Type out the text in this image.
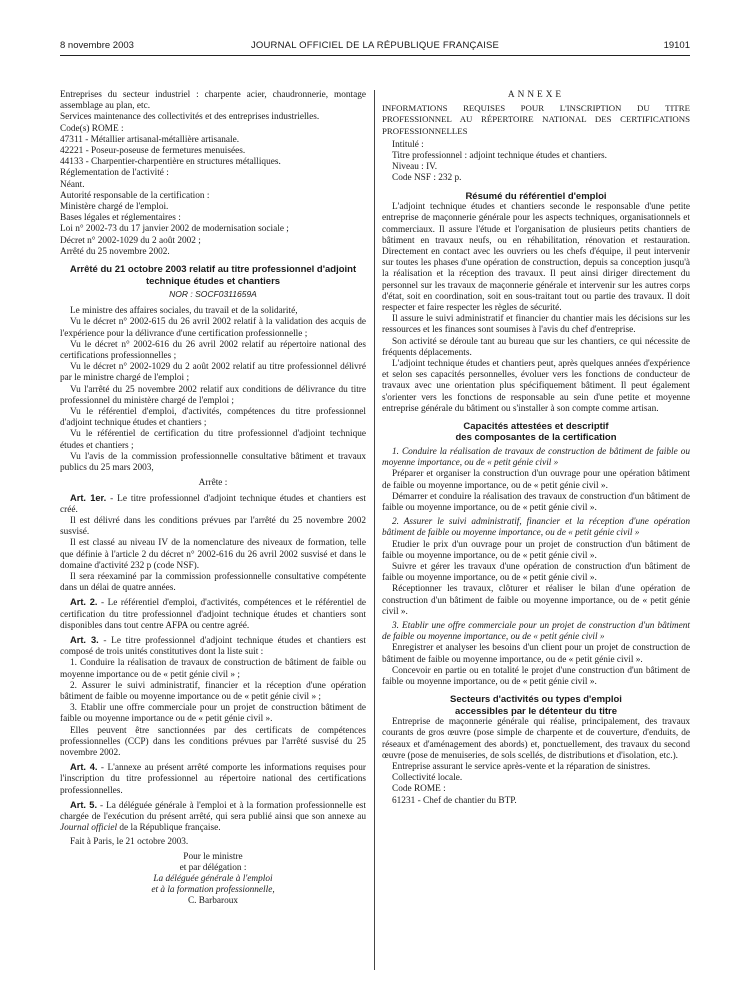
8 novembre 2003	JOURNAL OFFICIEL DE LA RÉPUBLIQUE FRANÇAISE	19101

Entreprises du secteur industriel : charpente acier, chaudronnerie, montage assemblage au plan, etc.

Services maintenance des collectivités et des entreprises industrielles.

Code(s) ROME :

47311 - Métallier artisanal-métallière artisanale.

42221 - Poseur-poseuse de fermetures menuisées.

44133 - Charpentier-charpentière en structures métalliques.

Réglementation de l'activité :

Néant.

Autorité responsable de la certification :

Ministère chargé de l'emploi.

Bases légales et réglementaires :

Loi n° 2002-73 du 17 janvier 2002 de modernisation sociale ;

Décret n° 2002-1029 du 2 août 2002 ;

Arrêté du 25 novembre 2002.

Arrêté du 21 octobre 2003 relatif au titre professionnel d'adjoint technique études et chantiers

NOR : SOCF0311659A

Le ministre des affaires sociales, du travail et de la solidarité,

Vu le décret n° 2002-615 du 26 avril 2002 relatif à la validation des acquis de l'expérience pour la délivrance d'une certification professionnelle ;

Vu le décret n° 2002-616 du 26 avril 2002 relatif au répertoire national des certifications professionnelles ;

Vu le décret n° 2002-1029 du 2 août 2002 relatif au titre professionnel délivré par le ministre chargé de l'emploi ;

Vu l'arrêté du 25 novembre 2002 relatif aux conditions de délivrance du titre professionnel du ministère chargé de l'emploi ;

Vu le référentiel d'emploi, d'activités, compétences du titre professionnel d'adjoint technique études et chantiers ;

Vu le référentiel de certification du titre professionnel d'adjoint technique études et chantiers ;

Vu l'avis de la commission professionnelle consultative bâtiment et travaux publics du 25 mars 2003,

Arrête :

Art. 1er. - Le titre professionnel d'adjoint technique études et chantiers est créé.

Il est délivré dans les conditions prévues par l'arrêté du 25 novembre 2002 susvisé.

Il est classé au niveau IV de la nomenclature des niveaux de formation, telle que définie à l'article 2 du décret n° 2002-616 du 26 avril 2002 susvisé et dans le domaine d'activité 232 p (code NSF).

Il sera réexaminé par la commission professionnelle consultative compétente dans un délai de quatre années.

Art. 2. - Le référentiel d'emploi, d'activités, compétences et le référentiel de certification du titre professionnel d'adjoint technique études et chantiers sont disponibles dans tout centre AFPA ou centre agréé.

Art. 3. - Le titre professionnel d'adjoint technique études et chantiers est composé de trois unités constitutives dont la liste suit :

1. Conduire la réalisation de travaux de construction de bâtiment de faible ou moyenne importance ou de « petit génie civil » ;

2. Assurer le suivi administratif, financier et la réception d'une opération bâtiment de faible ou moyenne importance ou de « petit génie civil » ;

3. Etablir une offre commerciale pour un projet de construction bâtiment de faible ou moyenne importance ou de « petit génie civil ».

Elles peuvent être sanctionnées par des certificats de compétences professionnelles (CCP) dans les conditions prévues par l'arrêté susvisé du 25 novembre 2002.

Art. 4. - L'annexe au présent arrêté comporte les informations requises pour l'inscription du titre professionnel au répertoire national des certifications professionnelles.

Art. 5. - La déléguée générale à l'emploi et à la formation professionnelle est chargée de l'exécution du présent arrêté, qui sera publié ainsi que son annexe au Journal officiel de la République française.

Fait à Paris, le 21 octobre 2003.

Pour le ministre

et par délégation :

La déléguée générale à l'emploi

et à la formation professionnelle,

C. Barbaroux

ANNEXE

INFORMATIONS REQUISES POUR L'INSCRIPTION DU TITRE PROFESSIONNEL AU RÉPERTOIRE NATIONAL DES CERTIFICATIONS PROFESSIONNELLES

Intitulé :

Titre professionnel : adjoint technique études et chantiers.

Niveau : IV.

Code NSF : 232 p.

Résumé du référentiel d'emploi

L'adjoint technique études et chantiers seconde le responsable d'une petite entreprise de maçonnerie générale pour les aspects techniques, organisationnels et commerciaux. Il assure l'étude et l'organisation de plusieurs petits chantiers de bâtiment en travaux neufs, ou en réhabilitation, rénovation et restauration. Directement en contact avec les ouvriers ou les chefs d'équipe, il peut intervenir sur toutes les phases d'une opération de construction, depuis sa conception jusqu'à la réalisation et la réception des travaux. Il peut ainsi diriger directement du personnel sur les travaux de maçonnerie générale et intervenir sur les autres corps d'état, soit en coordination, soit en sous-traitant tout ou partie des travaux. Il doit respecter et faire respecter les règles de sécurité.

Il assure le suivi administratif et financier du chantier mais les décisions sur les ressources et les finances sont soumises à l'avis du chef d'entreprise.

Son activité se déroule tant au bureau que sur les chantiers, ce qui nécessite de fréquents déplacements.

L'adjoint technique études et chantiers peut, après quelques années d'expérience et selon ses capacités personnelles, évoluer vers les fonctions de conducteur de travaux avec une orientation plus spécifiquement bâtiment. Il peut également s'orienter vers les fonctions de responsable au sein d'une petite et moyenne entreprise générale du bâtiment ou s'installer à son compte comme artisan.

Capacités attestées et descriptif
des composantes de la certification

1. Conduire la réalisation de travaux de construction de bâtiment de faible ou moyenne importance, ou de « petit génie civil »

Préparer et organiser la construction d'un ouvrage pour une opération bâtiment de faible ou moyenne importance, ou de « petit génie civil ».

Démarrer et conduire la réalisation des travaux de construction d'un bâtiment de faible ou moyenne importance, ou de « petit génie civil ».

2. Assurer le suivi administratif, financier et la réception d'une opération bâtiment de faible ou moyenne importance, ou de « petit génie civil »

Etudier le prix d'un ouvrage pour un projet de construction d'un bâtiment de faible ou moyenne importance, ou de « petit génie civil ».

Suivre et gérer les travaux d'une opération de construction d'un bâtiment de faible ou moyenne importance, ou de « petit génie civil ».

Réceptionner les travaux, clôturer et réaliser le bilan d'une opération de construction d'un bâtiment de faible ou moyenne importance, ou de « petit génie civil ».

3. Etablir une offre commerciale pour un projet de construction d'un bâtiment de faible ou moyenne importance, ou de « petit génie civil »

Enregistrer et analyser les besoins d'un client pour un projet de construction de bâtiment de faible ou moyenne importance, ou de « petit génie civil ».

Concevoir en partie ou en totalité le projet d'une construction d'un bâtiment de faible ou moyenne importance, ou de « petit génie civil ».

Secteurs d'activités ou types d'emploi
accessibles par le détenteur du titre

Entreprise de maçonnerie générale qui réalise, principalement, des travaux courants de gros œuvre (pose simple de charpente et de couverture, d'enduits, de réseaux et d'aménagement des abords) et, ponctuellement, des travaux du second œuvre (pose de menuiseries, de sols scellés, de distributions et d'isolation, etc.).

Entreprise assurant le service après-vente et la réparation de sinistres.

Collectivité locale.

Code ROME :

61231 - Chef de chantier du BTP.
